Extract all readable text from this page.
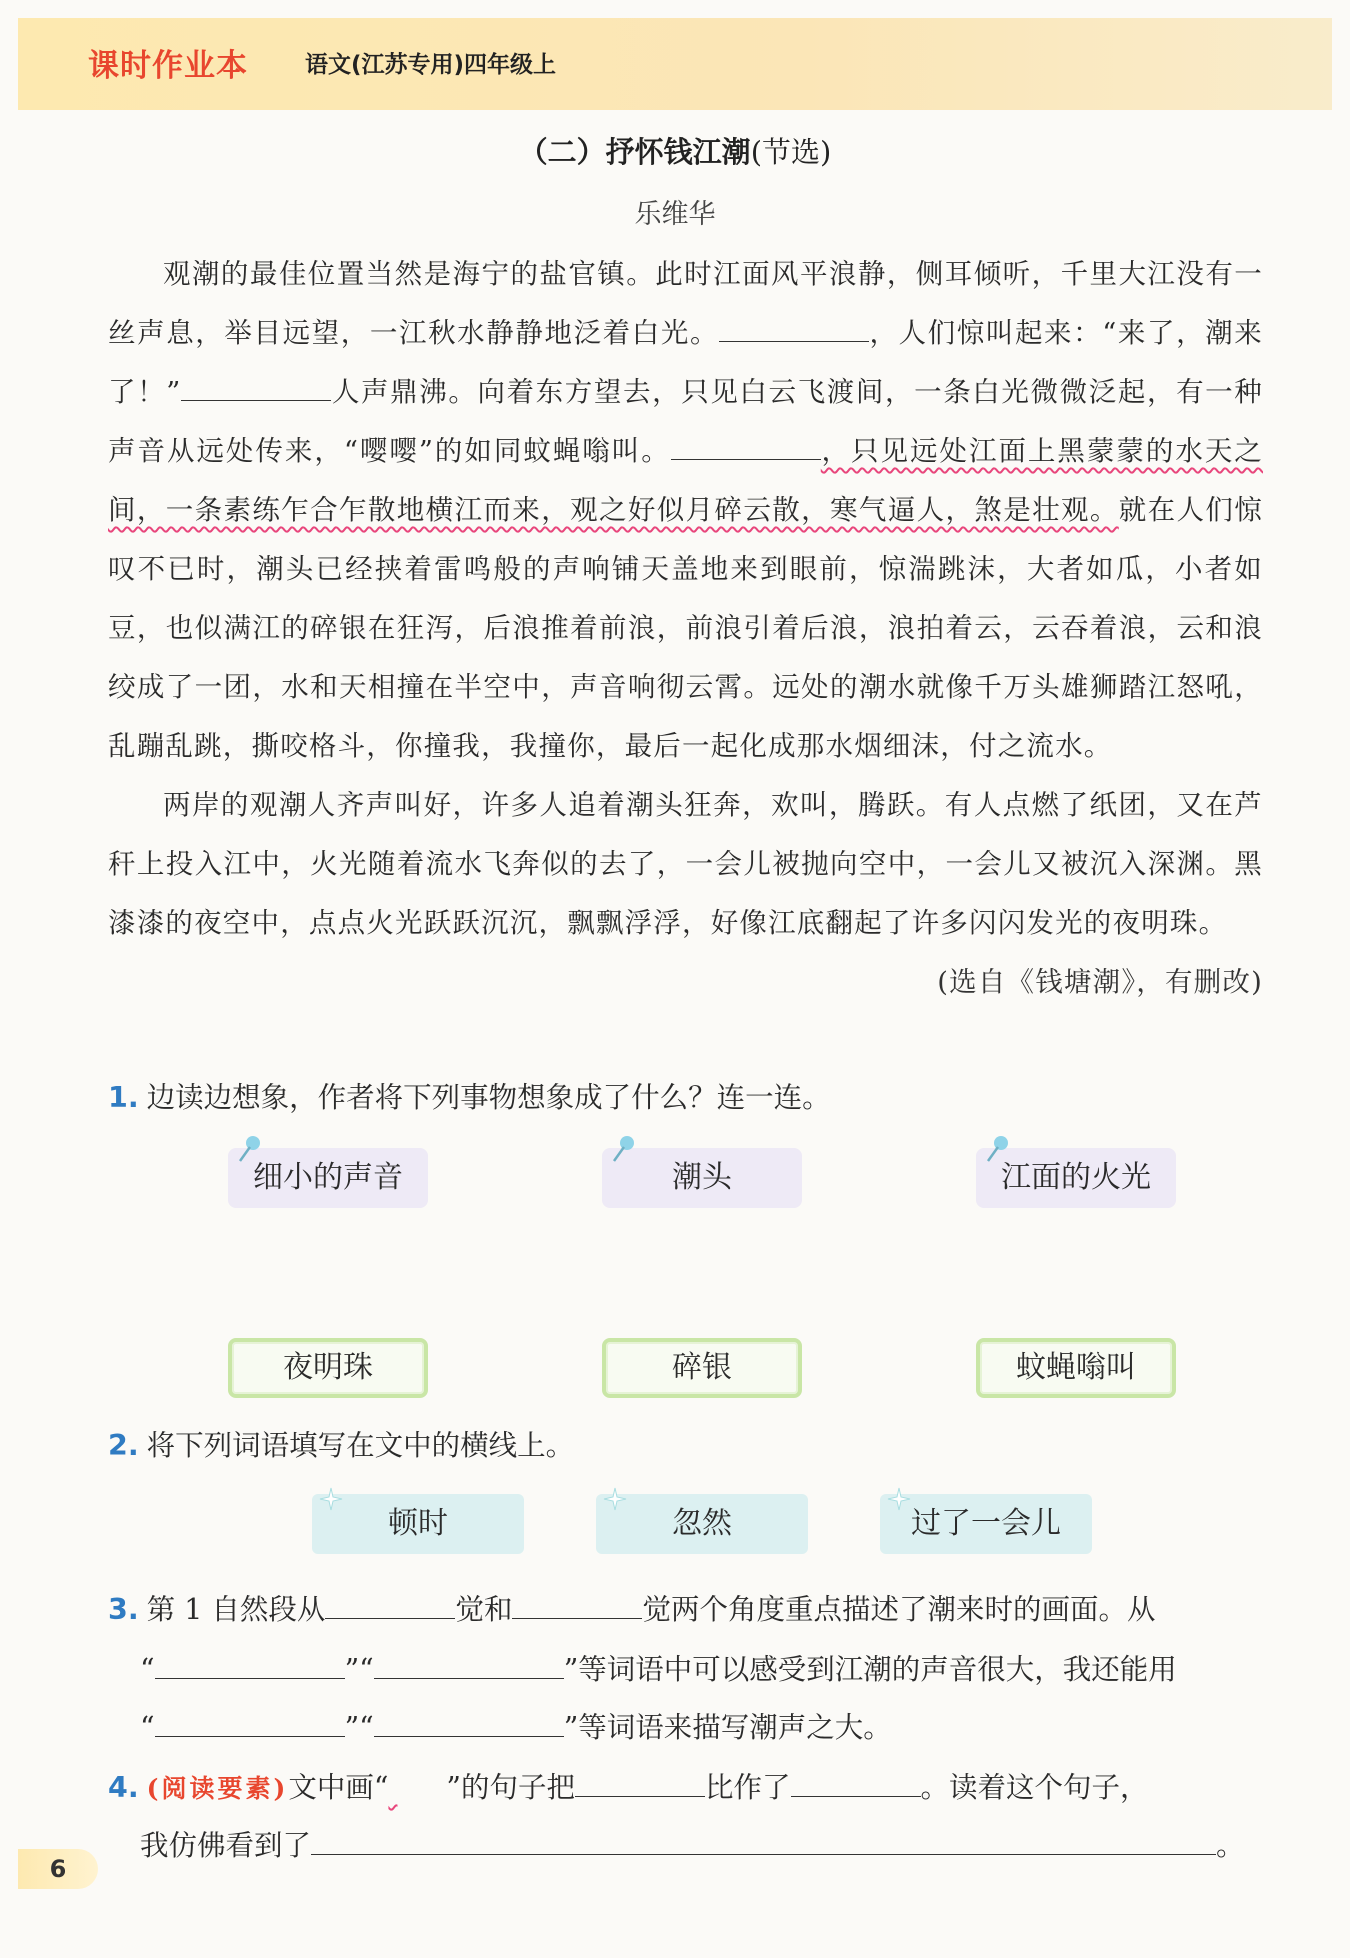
课时作业本 语文(江苏专用)四年级上
（二）抒怀钱江潮(节选)
乐维华

观潮的最佳位置当然是海宁的盐官镇。此时江面风平浪静，侧耳倾听，千里大江没有一丝声息，举目远望，一江秋水静静地泛着白光。	，人们惊叫起来：“来了，潮来了！”	人声鼎沸。向着东方望去，只见白云飞渡间，一条白光微微泛起，有一种声音从远处传来，“嘤嘤”的如同蚊蝇嗡叫。	，只见远处江面上黑蒙蒙的水天之间，一条素练乍合乍散地横江而来，观之好似月碎云散，寒气逼人，煞是壮观。就在人们惊叹不已时，潮头已经挟着雷鸣般的声响铺天盖地来到眼前，惊湍跳沫，大者如瓜，小者如豆，也似满江的碎银在狂泻，后浪推着前浪，前浪引着后浪，浪拍着云，云吞着浪，云和浪绞成了一团，水和天相撞在半空中，声音响彻云霄。远处的潮水就像千万头雄狮踏江怒吼，乱蹦乱跳，撕咬格斗，你撞我，我撞你，最后一起化成那水烟细沫，付之流水。

两岸的观潮人齐声叫好，许多人追着潮头狂奔，欢叫，腾跃。有人点燃了纸团，又在芦秆上投入江中，火光随着流水飞奔似的去了，一会儿被抛向空中，一会儿又被沉入深渊。黑漆漆的夜空中，点点火光跃跃沉沉，飘飘浮浮，好像江底翻起了许多闪闪发光的夜明珠。
(选自《钱塘潮》，有删改)

1. 边读边想象，作者将下列事物想象成了什么？连一连。
细小的声音	潮头	江面的火光
夜明珠	碎银	蚊蝇嗡叫
2. 将下列词语填写在文中的横线上。
顿时	忽然	过了一会儿
3. 第 1 自然段从	觉和	觉两个角度重点描述了潮来时的画面。从
“	”“	”等词语中可以感受到江潮的声音很大，我还能用
“	”“	”等词语来描写潮声之大。
4. (阅读要素)文中画“ ”的句子把	比作了	。读着这个句子，
我仿佛看到了	。
6
